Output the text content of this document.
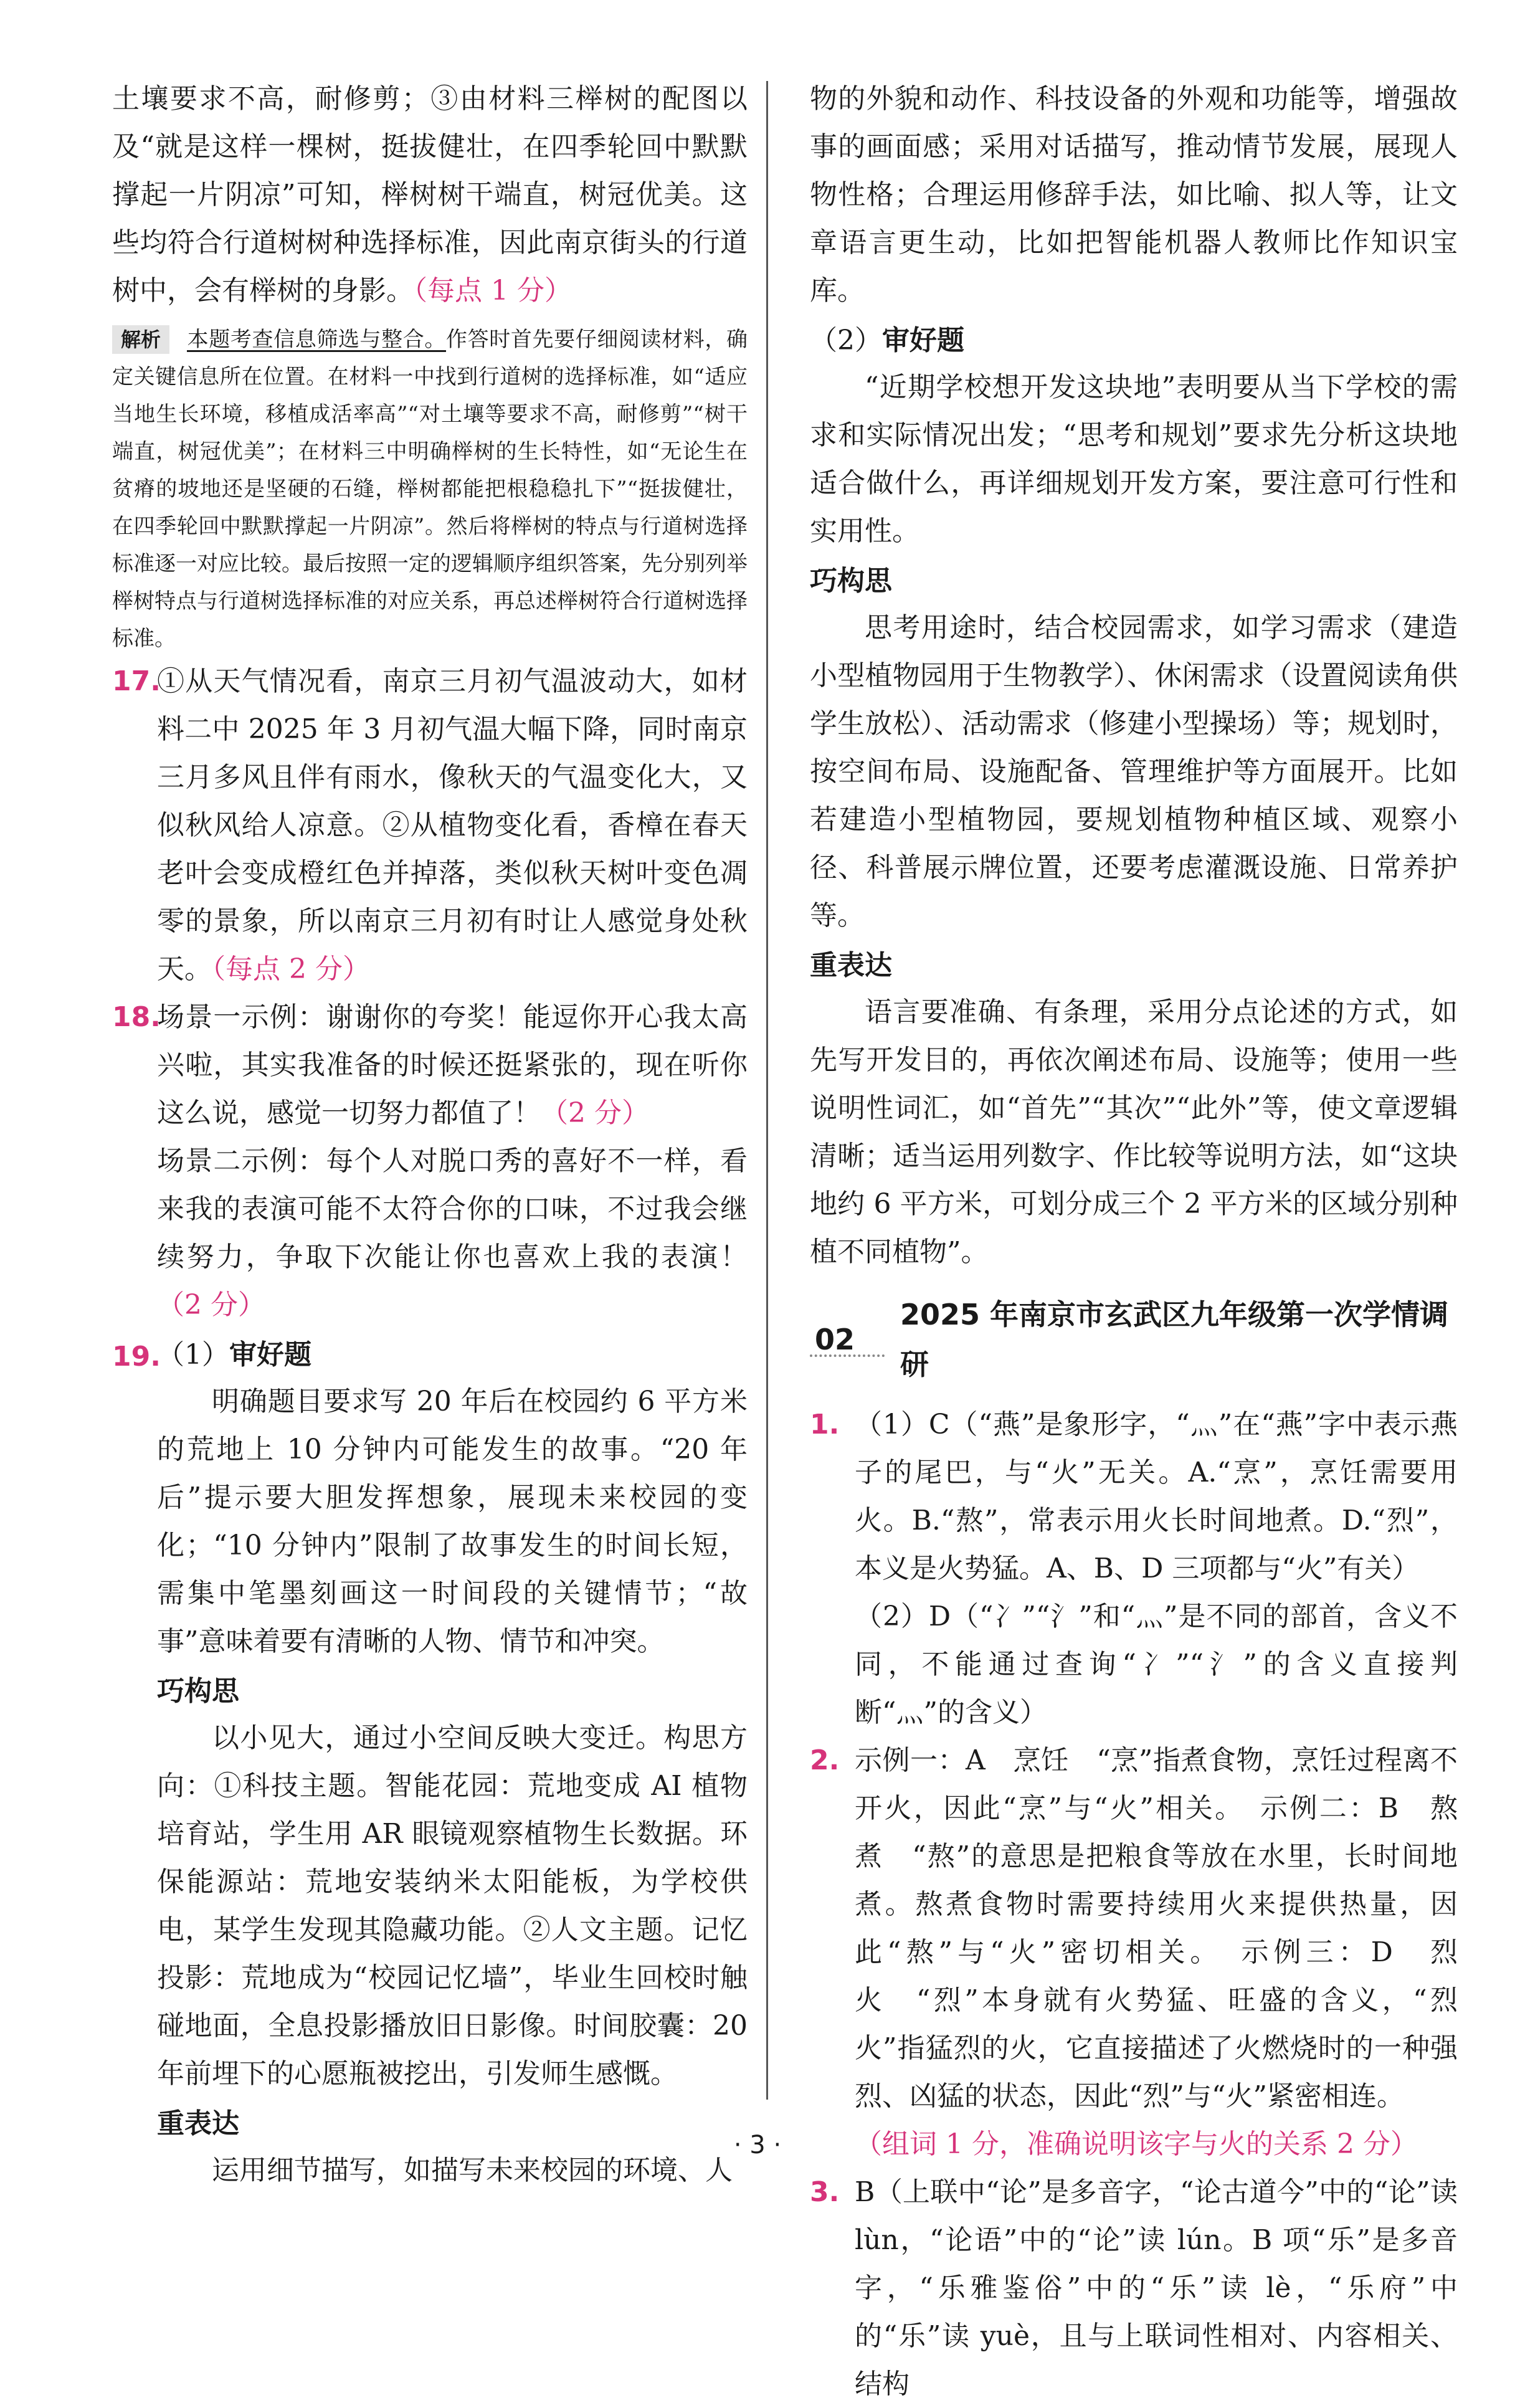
土壤要求不高，耐修剪；③由材料三榉树的配图以及“就是这样一棵树，挺拔健壮，在四季轮回中默默撑起一片阴凉”可知，榉树树干端直，树冠优美。这些均符合行道树树种选择标准，因此南京街头的行道树中，会有榉树的身影。（每点 1 分）

解析 本题考查信息筛选与整合。作答时首先要仔细阅读材料，确定关键信息所在位置。在材料一中找到行道树的选择标准，如“适应当地生长环境，移植成活率高”“对土壤等要求不高，耐修剪”“树干端直，树冠优美”；在材料三中明确榉树的生长特性，如“无论生在贫瘠的坡地还是坚硬的石缝，榉树都能把根稳稳扎下”“挺拔健壮，在四季轮回中默默撑起一片阴凉”。然后将榉树的特点与行道树选择标准逐一对应比较。最后按照一定的逻辑顺序组织答案，先分别列举榉树特点与行道树选择标准的对应关系，再总述榉树符合行道树选择标准。

17.

①从天气情况看，南京三月初气温波动大，如材料二中 2025 年 3 月初气温大幅下降，同时南京三月多风且伴有雨水，像秋天的气温变化大，又似秋风给人凉意。②从植物变化看，香樟在春天老叶会变成橙红色并掉落，类似秋天树叶变色凋零的景象，所以南京三月初有时让人感觉身处秋天。（每点 2 分）

18.

场景一示例：谢谢你的夸奖！能逗你开心我太高兴啦，其实我准备的时候还挺紧张的，现在听你这么说，感觉一切努力都值了！（2 分）

场景二示例：每个人对脱口秀的喜好不一样，看来我的表演可能不太符合你的口味，不过我会继续努力，争取下次能让你也喜欢上我的表演！（2 分）

19.

（1）审好题

明确题目要求写 20 年后在校园约 6 平方米的荒地上 10 分钟内可能发生的故事。“20 年后”提示要大胆发挥想象，展现未来校园的变化；“10 分钟内”限制了故事发生的时间长短，需集中笔墨刻画这一时间段的关键情节；“故事”意味着要有清晰的人物、情节和冲突。

巧构思

以小见大，通过小空间反映大变迁。构思方向：①科技主题。智能花园：荒地变成 AI 植物培育站，学生用 AR 眼镜观察植物生长数据。环保能源站：荒地安装纳米太阳能板，为学校供电，某学生发现其隐藏功能。②人文主题。记忆投影：荒地成为“校园记忆墙”，毕业生回校时触碰地面，全息投影播放旧日影像。时间胶囊：20 年前埋下的心愿瓶被挖出，引发师生感慨。

重表达

运用细节描写，如描写未来校园的环境、人

物的外貌和动作、科技设备的外观和功能等，增强故事的画面感；采用对话描写，推动情节发展，展现人物性格；合理运用修辞手法，如比喻、拟人等，让文章语言更生动，比如把智能机器人教师比作知识宝库。

（2）审好题

“近期学校想开发这块地”表明要从当下学校的需求和实际情况出发；“思考和规划”要求先分析这块地适合做什么，再详细规划开发方案，要注意可行性和实用性。

巧构思

思考用途时，结合校园需求，如学习需求（建造小型植物园用于生物教学）、休闲需求（设置阅读角供学生放松）、活动需求（修建小型操场）等；规划时，按空间布局、设施配备、管理维护等方面展开。比如若建造小型植物园，要规划植物种植区域、观察小径、科普展示牌位置，还要考虑灌溉设施、日常养护等。

重表达

语言要准确、有条理，采用分点论述的方式，如先写开发目的，再依次阐述布局、设施等；使用一些说明性词汇，如“首先”“其次”“此外”等，使文章逻辑清晰；适当运用列数字、作比较等说明方法，如“这块地约 6 平方米，可划分成三个 2 平方米的区域分别种植不同植物”。

02
2025 年南京市玄武区九年级第一次学情调研
1. （1）C（“燕”是象形字，“灬”在“燕”字中表示燕子的尾巴，与“火”无关。A.“烹”，烹饪需要用火。B.“熬”，常表示用火长时间地煮。D.“烈”，本义是火势猛。A、B、D 三项都与“火”有关）

（2）D（“冫”“氵”和“灬”是不同的部首，含义不同，不能通过查询“冫”“氵”的含义直接判断“灬”的含义）

2. 示例一：A　烹饪　“烹”指煮食物，烹饪过程离不开火，因此“烹”与“火”相关。　示例二：B　熬煮　“熬”的意思是把粮食等放在水里，长时间地煮。熬煮食物时需要持续用火来提供热量，因此“熬”与“火”密切相关。　示例三：D　烈火　“烈”本身就有火势猛、旺盛的含义，“烈火”指猛烈的火，它直接描述了火燃烧时的一种强烈、凶猛的状态，因此“烈”与“火”紧密相连。

（组词 1 分，准确说明该字与火的关系 2 分）

3. B（上联中“论”是多音字，“论古道今”中的“论”读 lùn，“论语”中的“论”读 lún。B 项“乐”是多音字，“乐雅鉴俗”中的“乐”读 lè，“乐府”中的“乐”读 yuè，且与上联词性相对、内容相关、结构

· 3 ·
